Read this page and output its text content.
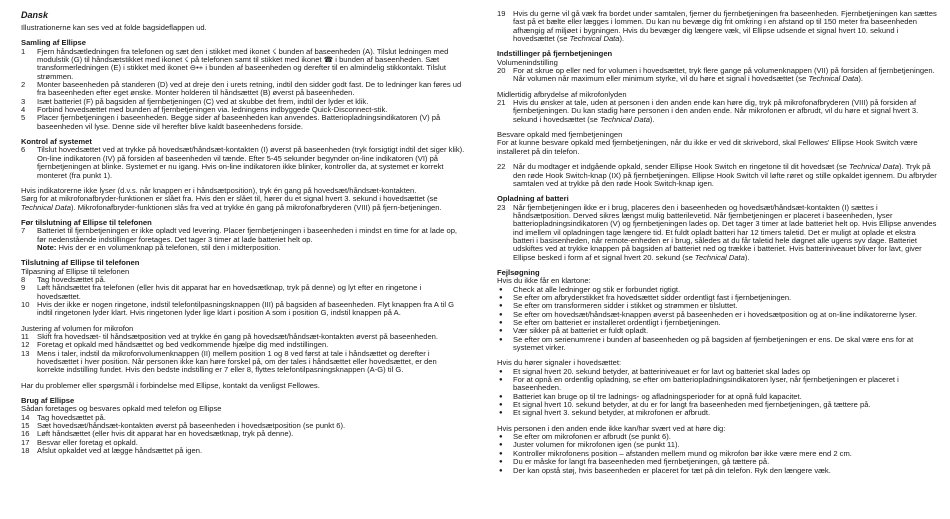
Dansk
Illustrationerne kan ses ved at folde bagsideflappen ud.
Samling af Ellipse
1	Fjern håndsætledningen fra telefonen og sæt den i stikket med ikonet ☇ bunden af baseenheden (A). Tilslut ledningen med modulstik (G) til håndsætstikket med ikonet ☇ på telefonen samt til stikket med ikonet ☎ i bunden af baseenheden. Sæt transformerledningen (E) i stikket med ikonet ⊖•+ i bunden af baseenheden og derefter til en almindelig stikkontakt. Tilslut strømmen.
2	Monter baseenheden på standeren (D) ved at dreje den i urets retning, indtil den sidder godt fast. De to ledninger kan føres ud fra baseenheden efter eget ønske. Monter holderen til håndsættet (B) øverst på baseenheden.
3	Isæt batteriet (F) på bagsiden af fjernbetjeningen (C) ved at skubbe det frem, indtil der lyder et klik.
4	Forbind hovedsættet med bunden af fjernbetjeningen via. ledningens indbyggede Quick-Disconnect-stik.
5	Placer fjernbetjeningen i baseenheden. Begge sider af baseenheden kan anvendes. Batteriopladningsindikatoren (V) på baseenheden vil lyse. Denne side vil herefter blive kaldt baseenhedens forside.
Kontrol af systemet
6	Tilslut hovedsættet ved at trykke på hovedsæt/håndsæt-kontakten (I) øverst på baseenheden (tryk forsigtigt indtil det siger klik). On-line indikatoren (IV) på forsiden af baseenheden vil tænde. Efter 5-45 sekunder begynder on-line indikatoren (VI) på fjernbetjeningen at blinke. Systemet er nu igang. Hvis on-line indikatoren ikke blinker, kontroller da, at systemet er korrekt monteret (fra punkt 1).
Hvis indikatorerne ikke lyser (d.v.s. når knappen er i håndsætposition), tryk én gang på hovedsæt/håndsæt-kontakten.
Sørg for at mikrofonafbryder-funktionen er slået fra. Hvis den er slået til, hører du et signal hvert 3. sekund i hovedsættet (se Technical Data). Mikrofonafbryder-funktionen slås fra ved at trykke én gang på mikrofonafbryderen (VIII) på fjern-betjeningen.
Før tilslutning af Ellipse til telefonen
7	Batteriet til fjernbetjeningen er ikke opladt ved levering. Placer fjernbetjeningen i baseenheden i mindst en time for at lade op, før nedenstående indstillinger foretages. Det tager 3 timer at lade batteriet helt op.
Note: Hvis der er en volumenknap på telefonen, stil den i midterposition.
Tilslutning af Ellipse til telefonen
Tilpasning af Ellipse til telefonen
8	Tag hovedsættet på.
9	Løft håndsættet fra telefonen (eller hvis dit apparat har en hovedsætknap, tryk på denne) og lyt efter en ringetone i hovedsættet.
10 Hvis der ikke er nogen ringetone, indstil telefontilpasningsknappen (III) på bagsiden af baseenheden. Flyt knappen fra A til G indtil ringetonen lyder klart. Hvis ringetonen lyder lige klart i position A som i position G, indstil knappen på A.
Justering af volumen for mikrofon
11	Skift fra hovedsæt- til håndsætposition ved at trykke én gang på hovedsæt/håndsæt-kontakten øverst på baseenheden.
12 Foretag et opkald med håndsættet og bed vedkommende hjælpe dig med indstillingen.
13 Mens i taler, indstil da mikrofonvolumenknappen (II) mellem position 1 og 8 ved først at tale i håndsættet og derefter i hovedsættet i hver position. Når personen ikke kan høre forskel på, om der tales i håndsættet eller hovedsættet, er den korrekte indstilling fundet. Hvis den bedste indstilling er 7 eller 8, flyttes telefontilpasningsknappen (A-G) til G.
Har du problemer eller spørgsmål i forbindelse med Ellipse, kontakt da venligst Fellowes.
Brug af Ellipse
Sådan foretages og besvares opkald med telefon og Ellipse
14 Tag hovedsættet på.
15 Sæt hovedsæt/håndsæt-kontakten øverst på baseenheden i hovedsætposition (se punkt 6).
16 Løft håndsættet (eller hvis dit apparat har en hovedsætknap, tryk på denne).
17 Besvar eller foretag et opkald.
18 Afslut opkaldet ved at lægge håndsættet på igen.
19 Hvis du gerne vil gå væk fra bordet under samtalen, fjerner du fjernbetjeningen fra baseenheden. Fjernbetjeningen kan sættes fast på et bælte eller lægges i lommen. Du kan nu bevæge dig frit omkring i en afstand op til 150 meter fra baseenheden afhængig af miljøet i bygningen. Hvis du bevæger dig længere væk, vil Ellipse udsende et signal hvert 10. sekund i hovedsættet (se Technical Data).
Indstillinger på fjernbetjeningen
Volumenindstilling
20 For at skrue op eller ned for volumen i hovedsættet, tryk flere gange på volumenknappen (VII) på forsiden af fjernbetjeningen. Når volumen når maximum eller minimum styrke, vil du høre et signal i hovedsættet (se Technical Data).
Midlertidig afbrydelse af mikrofonlyden
21 Hvis du ønsker at tale, uden at personen i den anden ende kan høre dig, tryk på mikrofonafbryderen (VIII) på forsiden af fjernbetjeningen. Du kan stadig høre personen i den anden ende. Når mikrofonen er afbrudt, vil du høre et signal hvert 3. sekund i hovedsættet (se Technical Data).
Besvare opkald med fjernbetjeningen
For at kunne besvare opkald med fjernbetjeningen, når du ikke er ved dit skrivebord, skal Fellowes' Ellipse Hook Switch være installeret på din telefon.
22 Når du modtager et indgående opkald, sender Ellipse Hook Switch en ringetone til dit hovedsæt (se Technical Data). Tryk på den røde Hook Switch-knap (IX) på fjernbetjeningen. Ellipse Hook Switch vil løfte røret og stille opkaldet igennem. Du afbryder samtalen ved at trykke på den røde Hook Switch-knap igen.
Opladning af batteri
23 Når fjernbetjeningen ikke er i brug, placeres den i baseenheden og hovedsæt/håndsæt-kontakten (I) sættes i håndsætposition. Derved sikres længst mulig batterilevetid. Når fjernbetjeningen er placeret i baseenheden, lyser batteriopladningsindikatoren (V) og fjernbetjeningen lades op. Det tager 3 timer at lade batteriet helt op. Hvis Ellipse anvendes ind imellem vil opladningen tage længere tid. Et fuldt opladt batteri har 12 timers taletid. Det er muligt at oplade et ekstra batteri i basisenheden, når remote-enheden er i brug, således at du får taletid hele døgnet alle ugens syv dage. Batteriet udskiftes ved at trykke knappen på bagsiden af batteriet ned og trække i batteriet. Hvis batteriniveauet bliver for lavt, giver Ellipse besked i form af et signal hvert 20. sekund (se Technical Data).
Fejlsøgning
Hvis du ikke får en klartone:
●	Check at alle ledninger og stik er forbundet rigtigt.
●	Se efter om afbryderstikket fra hovedsættet sidder ordentligt fast i fjernbetjeningen.
●	Se efter om transformeren sidder i stikket og strømmen er tilsluttet.
●	Se efter om hovedsæt/håndsæt-knappen øverst på baseenheden er i hovedsætposition og at on-line indikatorerne lyser.
●	Se efter om batteriet er installeret ordentligt i fjernbetjeningen.
●	Vær sikker på at batteriet er fuldt opladt.
●	Se efter om serienumrene i bunden af baseenheden og på bagsiden af fjernbetjeningen er ens. De skal være ens for at systemet virker.
Hvis du hører signaler i hovedsættet:
●	Et signal hvert 20. sekund betyder, at batteriniveauet er for lavt og batteriet skal lades op
●	For at opnå en ordentlig opladning, se efter om batteriopladningsindikatoren lyser, når fjernbetjeningen er placeret i baseenheden.
●	Batteriet kan bruge op til tre ladnings- og afladningsperioder for at opnå fuld kapacitet.
●	Et signal hvert 10. sekund betyder, at du er for langt fra baseenheden med fjernbetjeningen, gå tættere på.
●	Et signal hvert 3. sekund betyder, at mikrofonen er afbrudt.
Hvis personen i den anden ende ikke kan/har svært ved at høre dig:
●	Se efter om mikrofonen er afbrudt (se punkt 6).
●	Juster volumen for mikrofonen igen (se punkt 11).
●	Kontroller mikrofonens position – afstanden mellem mund og mikrofon bør ikke være mere end 2 cm.
●	Du er måske for langt fra baseenheden med fjernbetjeningen, gå tættere på.
●	Der kan opstå støj, hvis baseenheden er placeret for tæt på din telefon. Ryk den længere væk.
